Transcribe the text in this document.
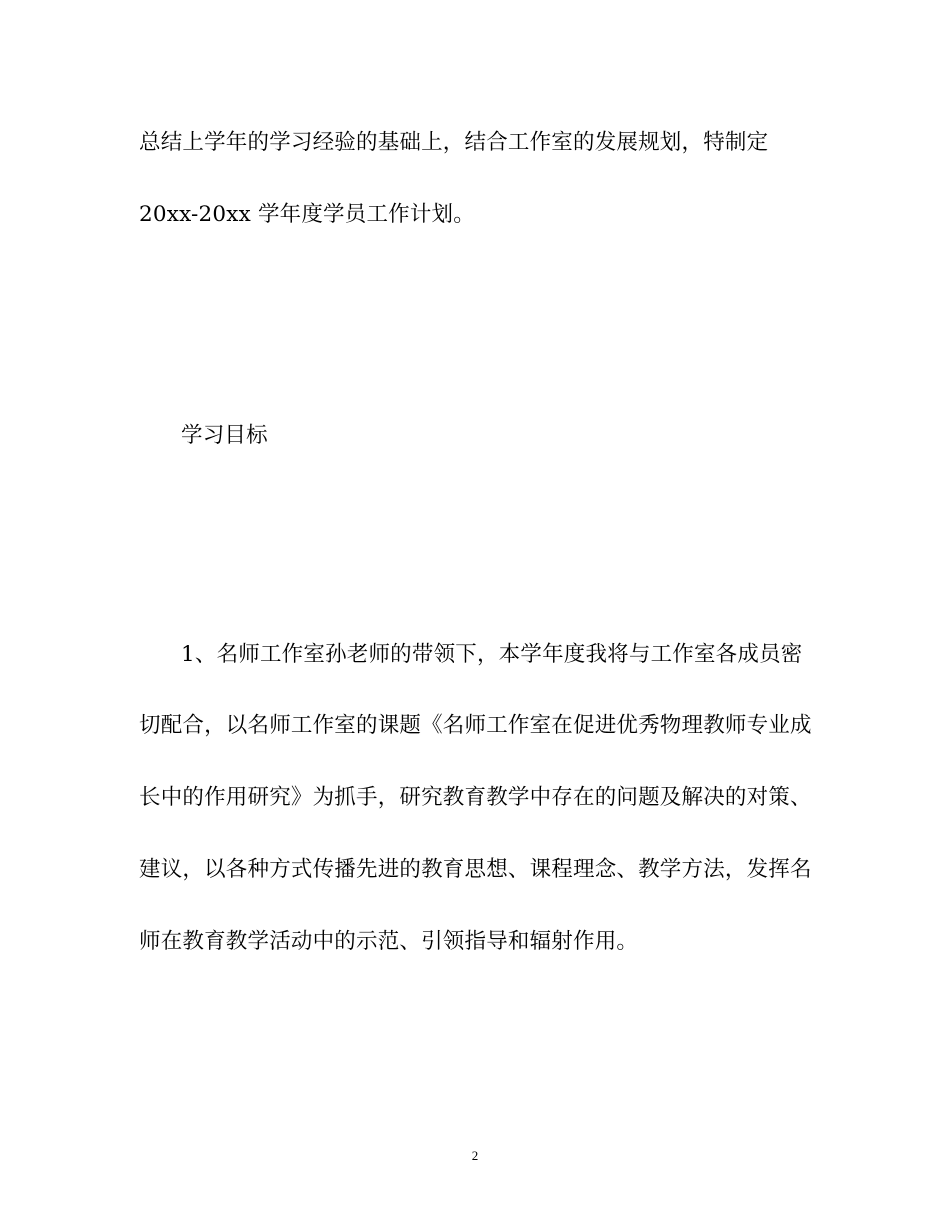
总结上学年的学习经验的基础上，结合工作室的发展规划，特制定
20xx-20xx 学年度学员工作计划。
学习目标
1、名师工作室孙老师的带领下，本学年度我将与工作室各成员密
切配合，以名师工作室的课题《名师工作室在促进优秀物理教师专业成
长中的作用研究》为抓手，研究教育教学中存在的问题及解决的对策、
建议，以各种方式传播先进的教育思想、课程理念、教学方法，发挥名
师在教育教学活动中的示范、引领指导和辐射作用。
2
